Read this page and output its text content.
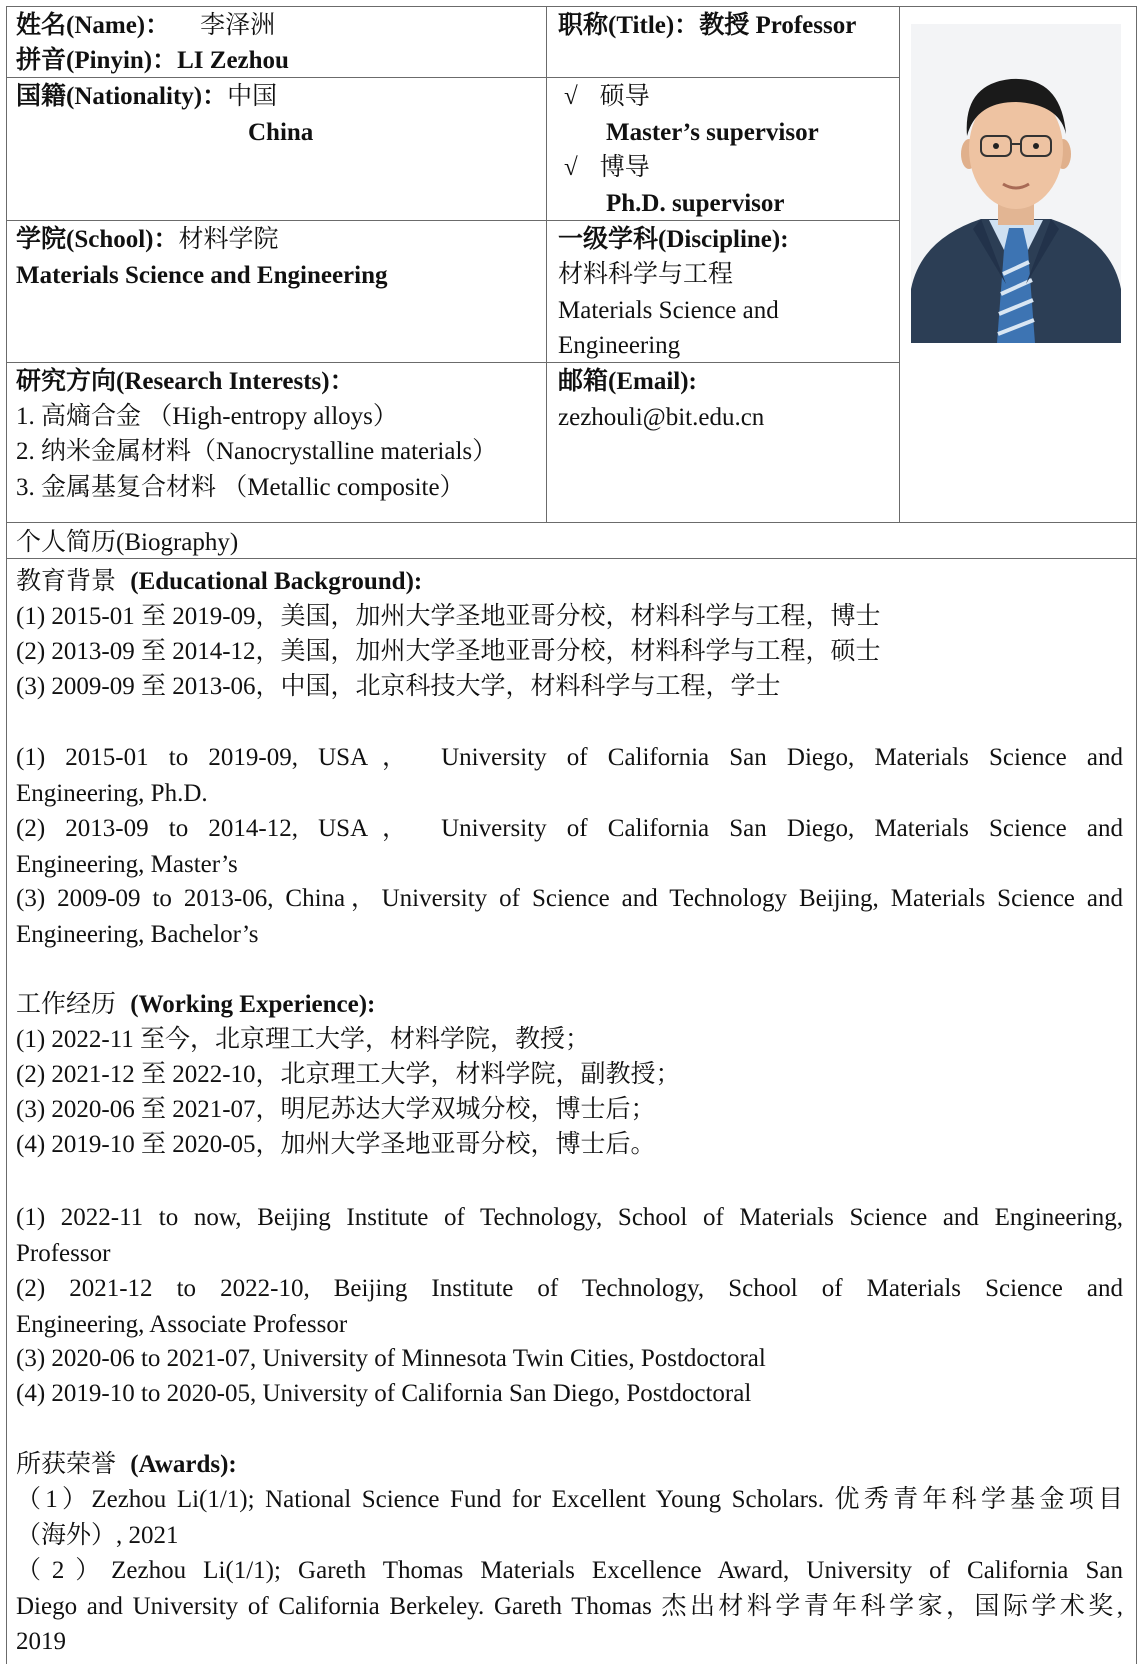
姓名(Name)： 李泽洲
拼音(Pinyin)：LI Zezhou
职称(Title)：教授 Professor
国籍(Nationality)：中国
China
√ 硕导
Master’s supervisor
√ 博导
Ph.D. supervisor
学院(School)：材料学院
Materials Science and Engineering
一级学科(Discipline):
材料科学与工程
Materials Science and
Engineering
研究方向(Research Interests)：
1. 高熵合金 （High-entropy alloys）
2. 纳米金属材料（Nanocrystalline materials）
3. 金属基复合材料 （Metallic composite）
邮箱(Email):
zezhouli@bit.edu.cn
个人简历(Biography)
教育背景 (Educational Background):
(1) 2015-01 至 2019-09，美国，加州大学圣地亚哥分校，材料科学与工程，博士
(2) 2013-09 至 2014-12，美国，加州大学圣地亚哥分校，材料科学与工程，硕士
(3) 2009-09 至 2013-06，中国，北京科技大学，材料科学与工程，学士
(1) 2015-01 to 2019-09, USA， University of California San Diego, Materials Science and
Engineering, Ph.D.
(2) 2013-09 to 2014-12, USA， University of California San Diego, Materials Science and
Engineering, Master’s
(3) 2009-09 to 2013-06, China，University of Science and Technology Beijing, Materials Science and
Engineering, Bachelor’s
工作经历 (Working Experience):
(1) 2022-11 至今，北京理工大学，材料学院，教授；
(2) 2021-12 至 2022-10，北京理工大学，材料学院，副教授；
(3) 2020-06 至 2021-07，明尼苏达大学双城分校，博士后；
(4) 2019-10 至 2020-05，加州大学圣地亚哥分校，博士后。
(1) 2022-11 to now, Beijing Institute of Technology, School of Materials Science and Engineering,
Professor
(2) 2021-12 to 2022-10, Beijing Institute of Technology, School of Materials Science and
Engineering, Associate Professor
(3) 2020-06 to 2021-07, University of Minnesota Twin Cities, Postdoctoral
(4) 2019-10 to 2020-05, University of California San Diego, Postdoctoral
所获荣誉 (Awards):
（1）Zezhou Li(1/1); National Science Fund for Excellent Young Scholars. 优秀青年科学基金项目
（海外）, 2021
（2）Zezhou Li(1/1); Gareth Thomas Materials Excellence Award, University of California San
Diego and University of California Berkeley. Gareth Thomas 杰出材料学青年科学家，国际学术奖,
2019
